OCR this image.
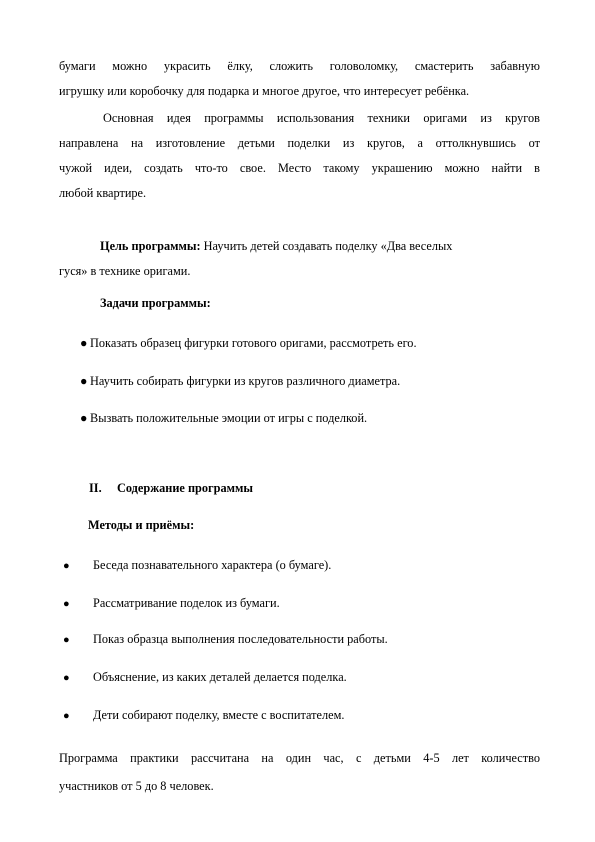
бумаги можно украсить ёлку, сложить головоломку, смастерить забавную
игрушку или коробочку для подарка и многое другое, что интересует ребёнка.

Основная идея программы использования техники оригами из кругов
направлена на изготовление детьми поделки из кругов, а оттолкнувшись от
чужой идеи, создать что-то свое. Место такому украшению можно найти в
любой квартире.

Цель программы: Научить детей создавать поделку «Два веселых
гуся» в технике оригами.

Задачи программы:

● Показать образец фигурки готового оригами, рассмотреть его.

● Научить собирать фигурки из кругов различного диаметра.

● Вызвать положительные эмоции от игры с поделкой.

II. Содержание программы

Методы и приёмы:

● Беседа познавательного характера (о бумаге).

● Рассматривание поделок из бумаги.

● Показ образца выполнения последовательности работы.

● Объяснение, из каких деталей делается поделка.

● Дети собирают поделку, вместе с воспитателем.

Программа практики рассчитана на один час, с детьми 4-5 лет количество
участников от 5 до 8 человек.
